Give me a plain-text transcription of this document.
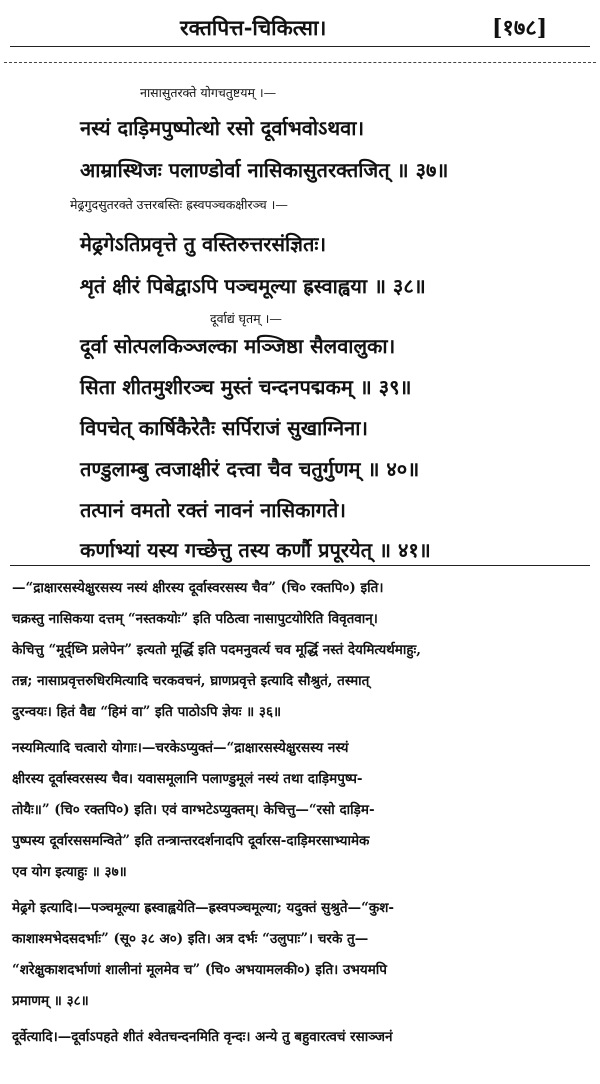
रक्तपित्त-चिकित्सा।	[१७८]
नासासुतरक्ते योगचतुष्टयम् ।—
नस्यं दाड़िमपुष्पोत्थो रसो दूर्वाभवोऽथवा।
आम्रास्थिजः पलाण्डोर्वा नासिकासुतरक्तजित् ॥ ३७॥
मेढ्रगुदसुतरक्ते उत्तरबस्तिः ह्रस्वपञ्चकक्षीरञ्च ।—
मेढ्रगेऽतिप्रवृत्ते तु वस्तिरुत्तरसंज्ञितः।
शृतं क्षीरं पिबेद्वाऽपि पञ्चमूल्या ह्रस्वाह्वया ॥ ३८॥
दूर्वाद्यं घृतम् ।—
दूर्वा सोत्पलकिञ्जल्का मञ्जिष्ठा सैलवालुका।
सिता शीतमुशीरञ्च मुस्तं चन्दनपद्मकम् ॥ ३९॥
विपचेत् कार्षिकैरेतैः सर्पिराजं सुखाग्निना।
तण्डुलाम्बु त्वजाक्षीरं दत्त्वा चैव चतुर्गुणम् ॥ ४०॥
तत्पानं वमतो रक्तं नावनं नासिकागते।
कर्णाभ्यां यस्य गच्छेत्तु तस्य कर्णौ प्रपूरयेत् ॥ ४१॥
—“द्राक्षारसस्येक्षुरसस्य नस्यं क्षीरस्य दूर्वास्वरसस्य चैव” (चि० रक्तपि०) इति।
चक्रस्तु नासिकया दत्तम् “नस्तकयोः” इति पठित्वा नासापुटयोरिति विवृतवान्।
केचित्तु “मूर्द्ध्नि प्रलेपेन” इत्यतो मूर्द्धि इति पदमनुवर्त्य चव मूर्द्धि नस्तं देयमित्यर्थमाहुः,
तन्न; नासाप्रवृत्तरुधिरमित्यादि चरकवचनं, घ्राणप्रवृत्ते इत्यादि सौश्रुतं, तस्मात्
दुरन्वयः। हितं वैद्य “हिमं वा” इति पाठोऽपि ज्ञेयः ॥ ३६॥
नस्यमित्यादि चत्वारो योगाः।—चरकेऽप्युक्तं—“द्राक्षारसस्येक्षुरसस्य नस्यं
क्षीरस्य दूर्वास्वरसस्य चैव। यवासमूलानि पलाण्डुमूलं नस्यं तथा दाड़िमपुष्प-
तोयैः॥” (चि० रक्तपि०) इति। एवं वाग्भटेऽप्युक्तम्। केचित्तु—“रसो दाड़िम-
पुष्पस्य दूर्वारससमन्विते” इति तन्त्रान्तरदर्शनादपि दूर्वारस-दाड़िमरसाभ्यामेक
एव योग इत्याहुः ॥ ३७॥
मेढ्रगे इत्यादि।—पञ्चमूल्या ह्रस्वाह्वयेति—ह्रस्वपञ्चमूल्या; यदुक्तं सुश्रुते—“कुश-
काशाश्मभेदसदर्भाः” (सू० ३८ अ०) इति। अत्र दर्भः “उलुपाः”। चरके तु—
“शरेक्षुकाशदर्भाणां शालीनां मूलमेव च” (चि० अभयामलकी०) इति। उभयमपि
प्रमाणम् ॥ ३८॥
दूर्वेत्यादि।—दूर्वाऽपहते शीतं श्वेतचन्दनमिति वृन्दः। अन्ये तु बहुवारत्वचं रसाञ्जनं
